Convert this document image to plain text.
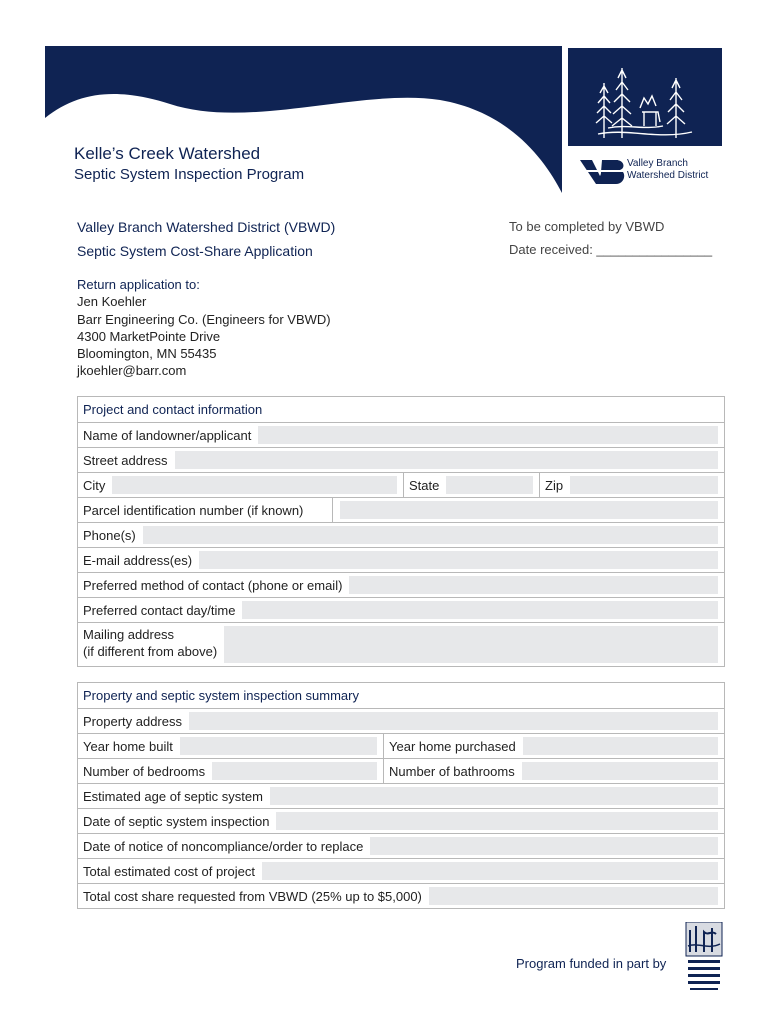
Kelle’s Creek Watershed
Septic System Inspection Program
Valley Branch
Watershed District
Valley Branch Watershed District (VBWD)
Septic System Cost-Share Application
To be completed by VBWD
Date received: ________________
Return application to:
Jen Koehler
Barr Engineering Co. (Engineers for VBWD)
4300 MarketPointe Drive
Bloomington, MN 55435
jkoehler@barr.com
Project and contact information
Name of landowner/applicant
Street address
City	State	Zip
Parcel identification number (if known)
Phone(s)
E-mail address(es)
Preferred method of contact (phone or email)
Preferred contact day/time
Mailing address
(if different from above)
Property and septic system inspection summary
Property address
Year home built	Year home purchased
Number of bedrooms	Number of bathrooms
Estimated age of septic system
Date of septic system inspection
Date of notice of noncompliance/order to replace
Total estimated cost of project
Total cost share requested from VBWD (25% up to $5,000)
Program funded in part by
